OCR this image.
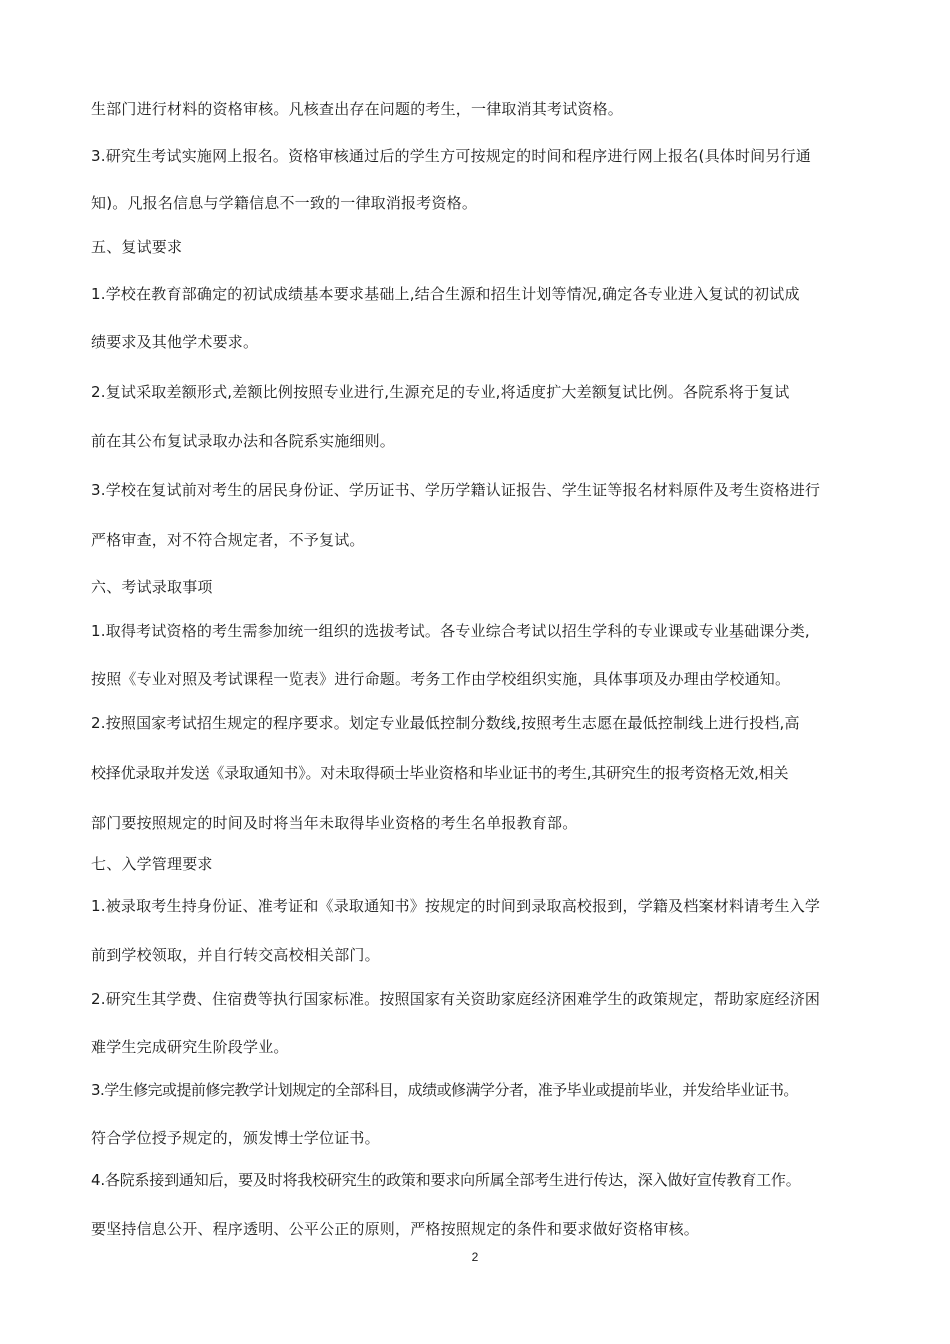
生部门进行材料的资格审核。凡核查出存在问题的考生，一律取消其考试资格。
3.研究生考试实施网上报名。资格审核通过后的学生方可按规定的时间和程序进行网上报名(具体时间另行通
知)。凡报名信息与学籍信息不一致的一律取消报考资格。
五、复试要求
1.学校在教育部确定的初试成绩基本要求基础上,结合生源和招生计划等情况,确定各专业进入复试的初试成
绩要求及其他学术要求。
2.复试采取差额形式,差额比例按照专业进行,生源充足的专业,将适度扩大差额复试比例。各院系将于复试
前在其公布复试录取办法和各院系实施细则。
3.学校在复试前对考生的居民身份证、学历证书、学历学籍认证报告、学生证等报名材料原件及考生资格进行
严格审查，对不符合规定者，不予复试。
六、考试录取事项
1.取得考试资格的考生需参加统一组织的选拔考试。各专业综合考试以招生学科的专业课或专业基础课分类,
按照《专业对照及考试课程一览表》进行命题。考务工作由学校组织实施，具体事项及办理由学校通知。
2.按照国家考试招生规定的程序要求。划定专业最低控制分数线,按照考生志愿在最低控制线上进行投档,高
校择优录取并发送《录取通知书》。对未取得硕士毕业资格和毕业证书的考生,其研究生的报考资格无效,相关
部门要按照规定的时间及时将当年未取得毕业资格的考生名单报教育部。
七、入学管理要求
1.被录取考生持身份证、准考证和《录取通知书》按规定的时间到录取高校报到，学籍及档案材料请考生入学
前到学校领取，并自行转交高校相关部门。
2.研究生其学费、住宿费等执行国家标准。按照国家有关资助家庭经济困难学生的政策规定，帮助家庭经济困
难学生完成研究生阶段学业。
3.学生修完或提前修完教学计划规定的全部科目，成绩或修满学分者，准予毕业或提前毕业，并发给毕业证书。
符合学位授予规定的，颁发博士学位证书。
4.各院系接到通知后，要及时将我校研究生的政策和要求向所属全部考生进行传达，深入做好宣传教育工作。
要坚持信息公开、程序透明、公平公正的原则，严格按照规定的条件和要求做好资格审核。
2
